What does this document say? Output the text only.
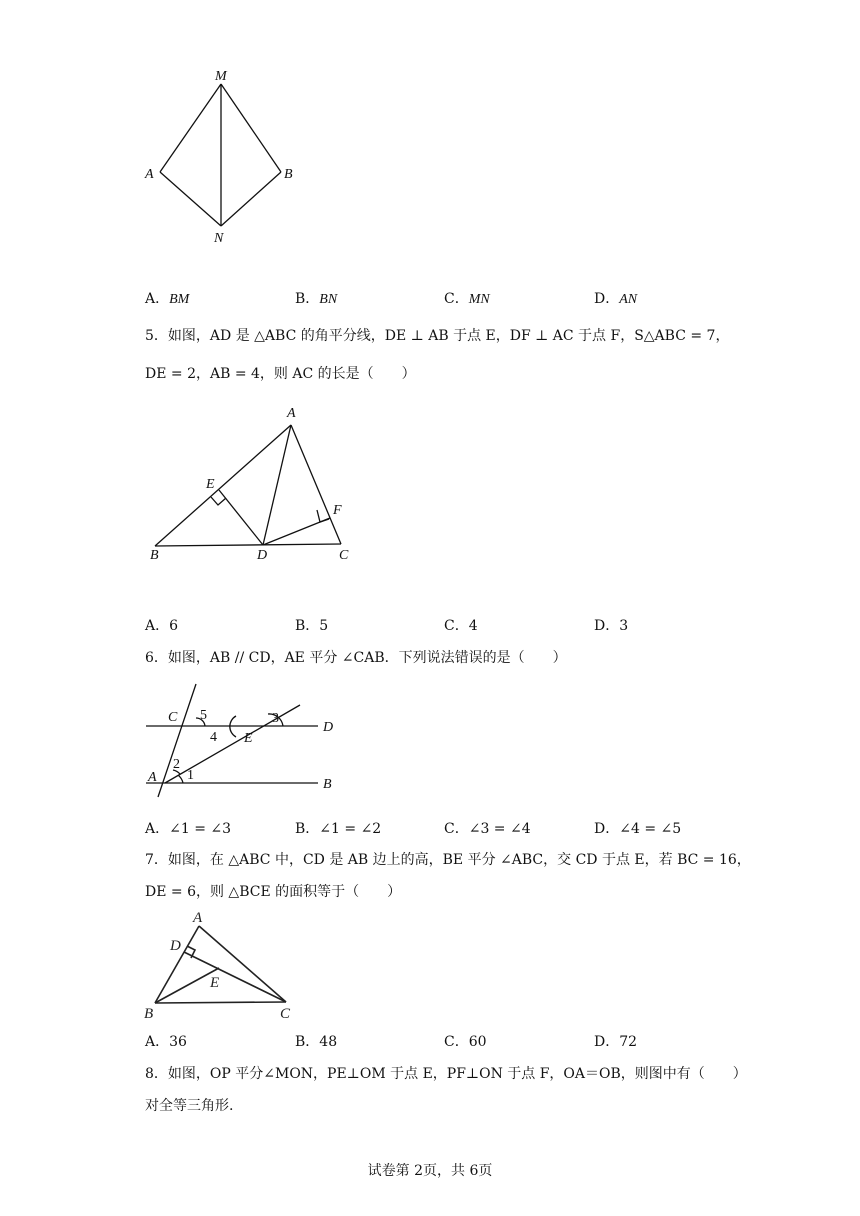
M
A	B
N
A．BM	B．BN	C．MN	D．AN
5．如图，AD 是 △ABC 的角平分线，DE ⊥ AB 于点 E，DF ⊥ AC 于点 F，S△ABC = 7，
DE = 2，AB = 4，则 AC 的长是（　　）
A
E
F
B	D	C
A．6	B．5	C．4	D．3
6．如图，AB // CD，AE 平分 ∠CAB．下列说法错误的是（　　）
C 5	3
D
4 E
2
A 1
B
A．∠1 = ∠3	B．∠1 = ∠2	C．∠3 = ∠4	D．∠4 = ∠5
7．如图，在 △ABC 中，CD 是 AB 边上的高，BE 平分 ∠ABC，交 CD 于点 E，若 BC = 16，
DE = 6，则 △BCE 的面积等于（　　）
A
D
E
B	C
A．36	B．48	C．60	D．72
8．如图，OP 平分∠MON，PE⊥OM 于点 E，PF⊥ON 于点 F，OA＝OB，则图中有（　　）
对全等三角形.
试卷第 2页，共 6页
